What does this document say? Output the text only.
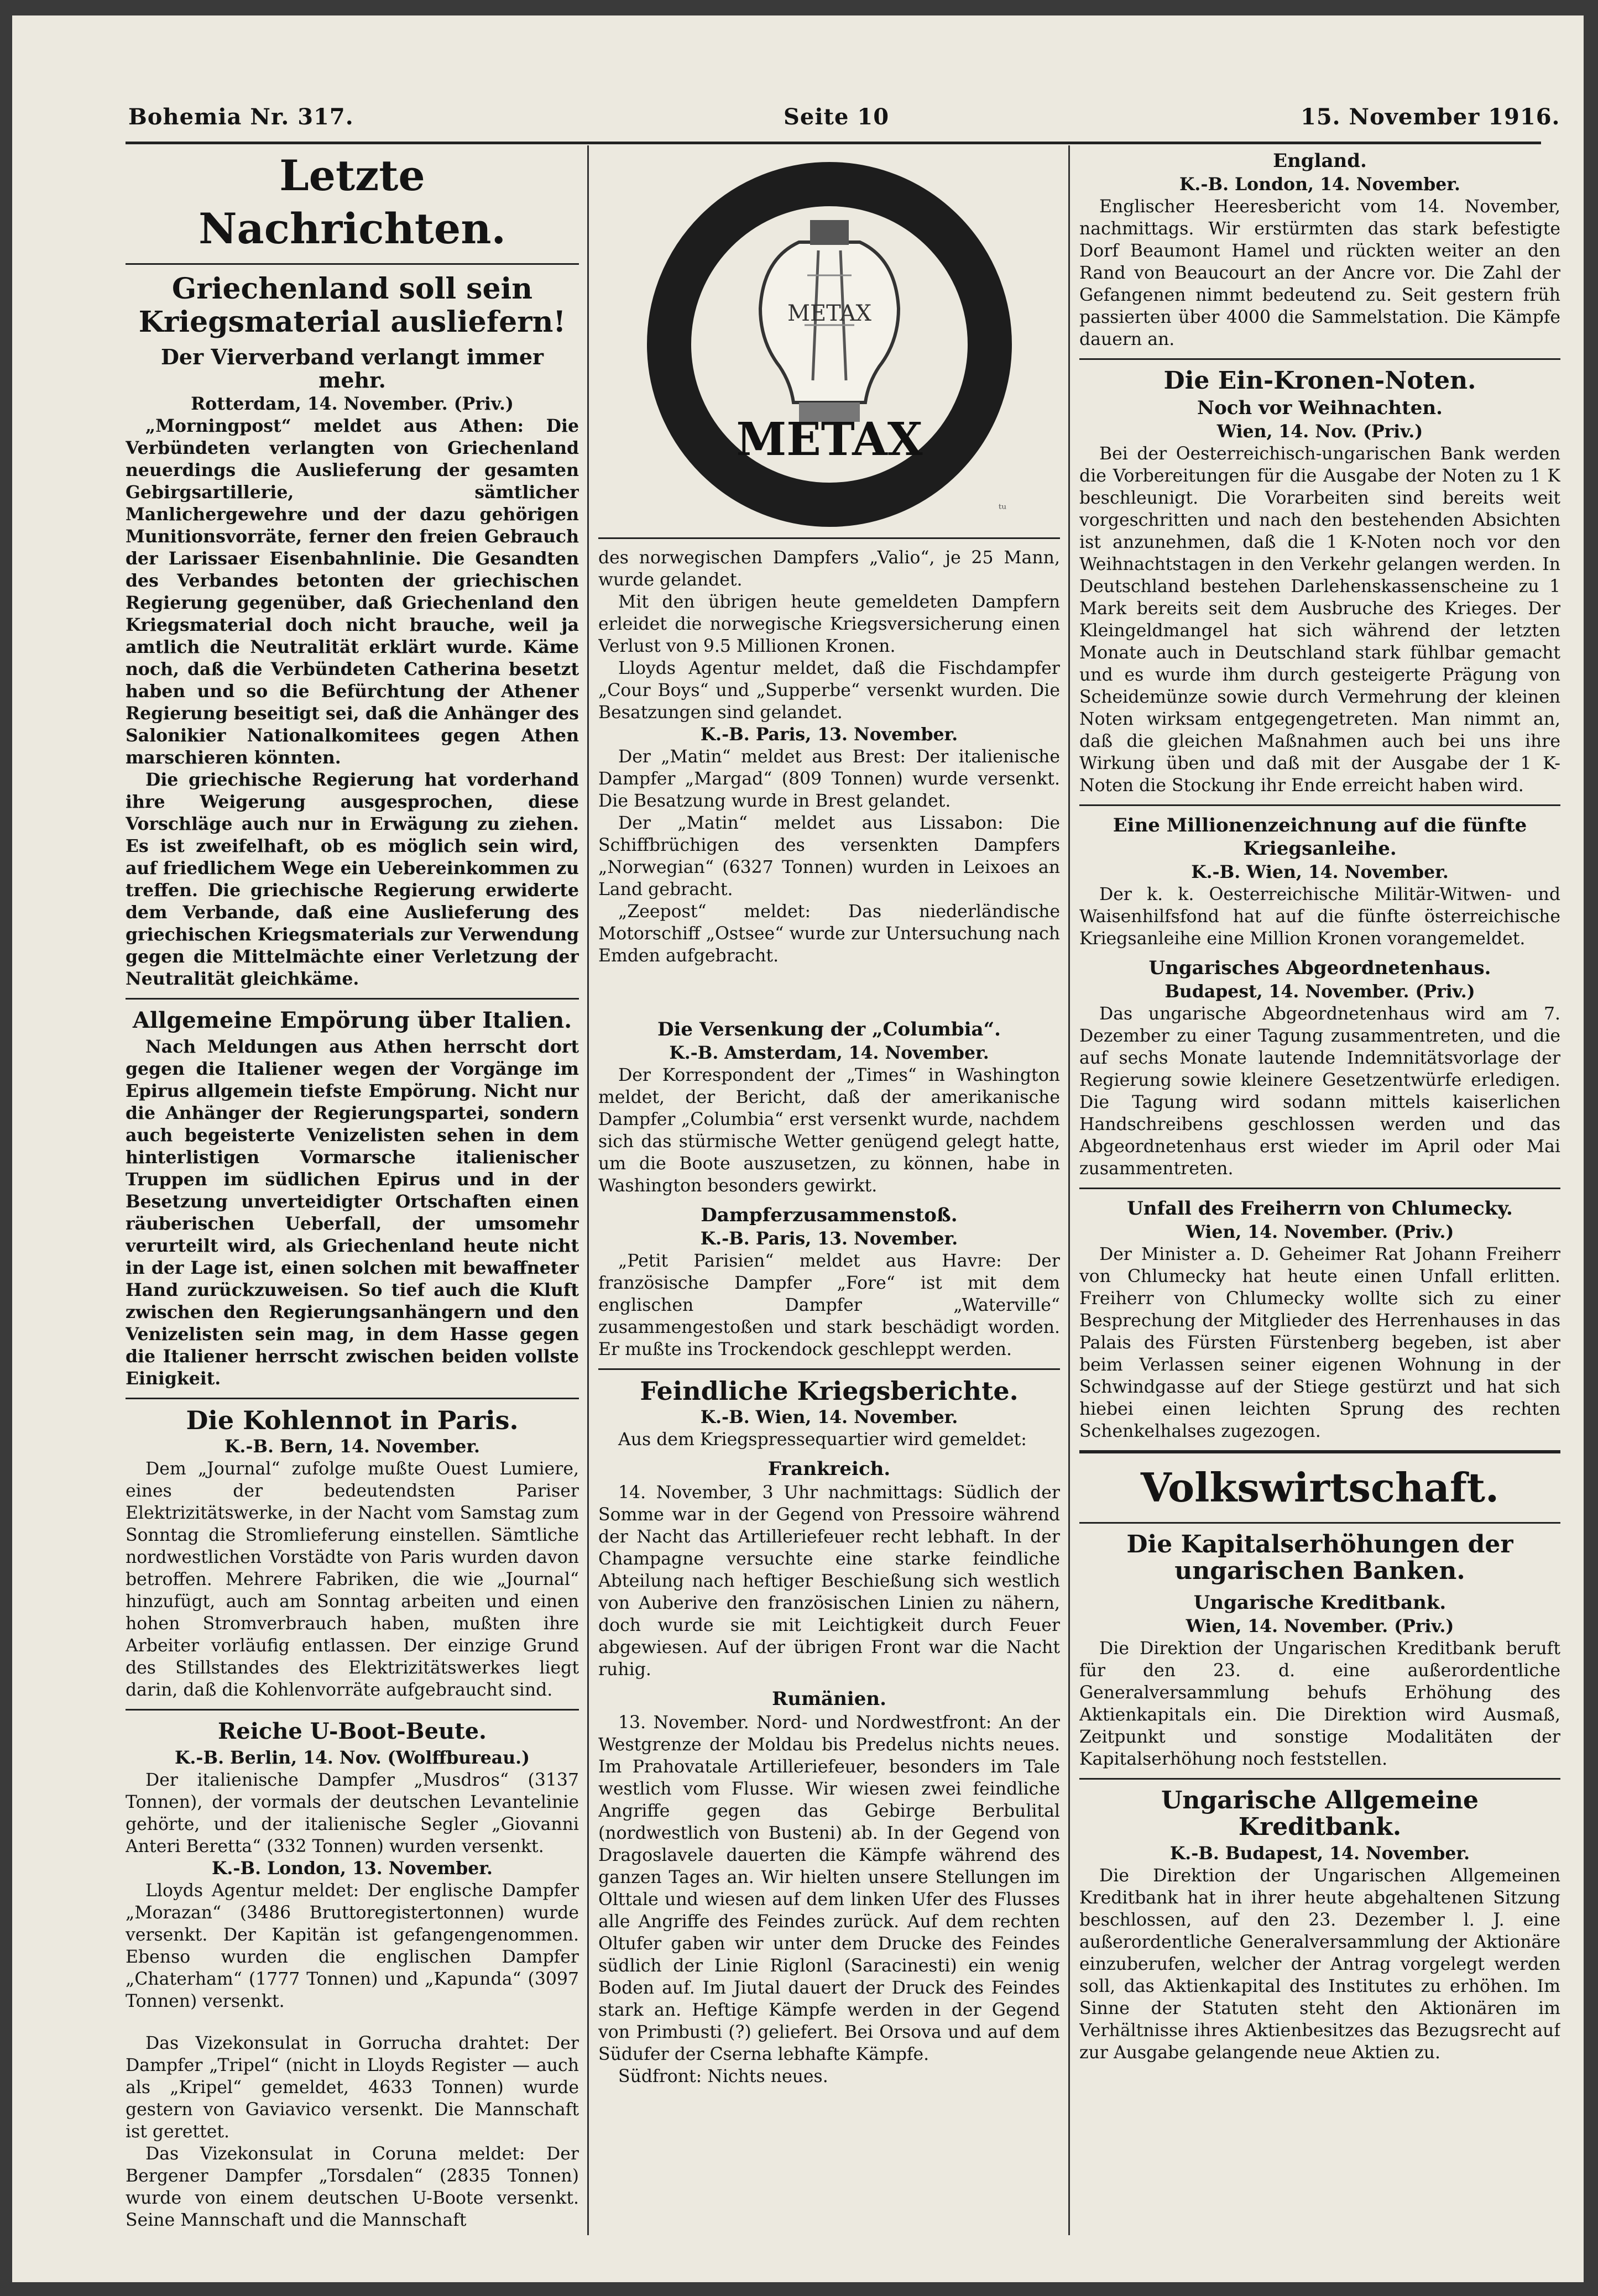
Bohemia Nr. 317.	Seite 10	15. November 1916.
Letzte Nachrichten.
Griechenland soll sein Kriegsmaterial ausliefern!
Der Vierverband verlangt immer mehr.

Rotterdam, 14. November. (Priv.)

„Morningpost“ meldet aus Athen: Die Verbündeten verlangten von Griechenland neuerdings die Auslieferung der gesamten Gebirgsartillerie, sämtlicher Manlichergewehre und der dazu gehörigen Munitionsvorräte, ferner den freien Gebrauch der Larissaer Eisenbahnlinie. Die Gesandten des Verbandes betonten der griechischen Regierung gegenüber, daß Griechenland den Kriegsmaterial doch nicht brauche, weil ja amtlich die Neutralität erklärt wurde. Käme noch, daß die Verbündeten Catherina besetzt haben und so die Befürchtung der Athener Regierung beseitigt sei, daß die Anhänger des Salonikier Nationalkomitees gegen Athen marschieren könnten.

Die griechische Regierung hat vorderhand ihre Weigerung ausgesprochen, diese Vorschläge auch nur in Erwägung zu ziehen. Es ist zweifelhaft, ob es möglich sein wird, auf friedlichem Wege ein Uebereinkommen zu treffen. Die griechische Regierung erwiderte dem Verbande, daß eine Auslieferung des griechischen Kriegsmaterials zur Verwendung gegen die Mittelmächte einer Verletzung der Neutralität gleichkäme.

Allgemeine Empörung über Italien.

Nach Meldungen aus Athen herrscht dort gegen die Italiener wegen der Vorgänge im Epirus allgemein tiefste Empörung. Nicht nur die Anhänger der Regierungspartei, sondern auch begeisterte Venizelisten sehen in dem hinterlistigen Vormarsche italienischer Truppen im südlichen Epirus und in der Besetzung unverteidigter Ortschaften einen räuberischen Ueberfall, der umsomehr verurteilt wird, als Griechenland heute nicht in der Lage ist, einen solchen mit bewaffneter Hand zurückzuweisen. So tief auch die Kluft zwischen den Regierungsanhängern und den Venizelisten sein mag, in dem Hasse gegen die Italiener herrscht zwischen beiden vollste Einigkeit.

Die Kohlennot in Paris.

K.-B. Bern, 14. November.

Dem „Journal“ zufolge mußte Ouest Lumiere, eines der bedeutendsten Pariser Elektrizitätswerke, in der Nacht vom Samstag zum Sonntag die Stromlieferung einstellen. Sämtliche nordwestlichen Vorstädte von Paris wurden davon betroffen. Mehrere Fabriken, die wie „Journal“ hinzufügt, auch am Sonntag arbeiten und einen hohen Stromverbrauch haben, mußten ihre Arbeiter vorläufig entlassen. Der einzige Grund des Stillstandes des Elektrizitätswerkes liegt darin, daß die Kohlenvorräte aufgebraucht sind.

Reiche U-Boot-Beute.

K.-B. Berlin, 14. Nov. (Wolffbureau.)

Der italienische Dampfer „Musdros“ (3137 Tonnen), der vormals der deutschen Levantelinie gehörte, und der italienische Segler „Giovanni Anteri Beretta“ (332 Tonnen) wurden versenkt.

K.-B. London, 13. November.

Lloyds Agentur meldet: Der englische Dampfer „Morazan“ (3486 Bruttoregistertonnen) wurde versenkt. Der Kapitän ist gefangengenommen. Ebenso wurden die englischen Dampfer „Chaterham“ (1777 Tonnen) und „Kapunda“ (3097 Tonnen) versenkt.

Das Vizekonsulat in Gorrucha drahtet: Der Dampfer „Tripel“ (nicht in Lloyds Register — auch als „Kripel“ gemeldet, 4633 Tonnen) wurde gestern von Gaviavico versenkt. Die Mannschaft ist gerettet.

Das Vizekonsulat in Coruna meldet: Der Bergener Dampfer „Torsdalen“ (2835 Tonnen) wurde von einem deutschen U-Boote versenkt. Seine Mannschaft und die Mannschaft

METAX
METAX
ᵗᵘ

des norwegischen Dampfers „Valio“, je 25 Mann, wurde gelandet.

Mit den übrigen heute gemeldeten Dampfern erleidet die norwegische Kriegsversicherung einen Verlust von 9.5 Millionen Kronen.

Lloyds Agentur meldet, daß die Fischdampfer „Cour Boys“ und „Supperbe“ versenkt wurden. Die Besatzungen sind gelandet.

K.-B. Paris, 13. November.

Der „Matin“ meldet aus Brest: Der italienische Dampfer „Margad“ (809 Tonnen) wurde versenkt. Die Besatzung wurde in Brest gelandet.

Der „Matin“ meldet aus Lissabon: Die Schiffbrüchigen des versenkten Dampfers „Norwegian“ (6327 Tonnen) wurden in Leixoes an Land gebracht.

„Zeepost“ meldet: Das niederländische Motorschiff „Ostsee“ wurde zur Untersuchung nach Emden aufgebracht.

Die Versenkung der „Columbia“.

K.-B. Amsterdam, 14. November.

Der Korrespondent der „Times“ in Washington meldet, der Bericht, daß der amerikanische Dampfer „Columbia“ erst versenkt wurde, nachdem sich das stürmische Wetter genügend gelegt hatte, um die Boote auszusetzen, zu können, habe in Washington besonders gewirkt.

Dampferzusammenstoß.

K.-B. Paris, 13. November.

„Petit Parisien“ meldet aus Havre: Der französische Dampfer „Fore“ ist mit dem englischen Dampfer „Waterville“ zusammengestoßen und stark beschädigt worden. Er mußte ins Trockendock geschleppt werden.

Feindliche Kriegsberichte.

K.-B. Wien, 14. November.

Aus dem Kriegspressequartier wird gemeldet:

Frankreich.

14. November, 3 Uhr nachmittags: Südlich der Somme war in der Gegend von Pressoire während der Nacht das Artilleriefeuer recht lebhaft. In der Champagne versuchte eine starke feindliche Abteilung nach heftiger Beschießung sich westlich von Auberive den französischen Linien zu nähern, doch wurde sie mit Leichtigkeit durch Feuer abgewiesen. Auf der übrigen Front war die Nacht ruhig.

Rumänien.

13. November. Nord- und Nordwestfront: An der Westgrenze der Moldau bis Predelus nichts neues. Im Prahovatale Artilleriefeuer, besonders im Tale westlich vom Flusse. Wir wiesen zwei feindliche Angriffe gegen das Gebirge Berbulital (nordwestlich von Busteni) ab. In der Gegend von Dragoslavele dauerten die Kämpfe während des ganzen Tages an. Wir hielten unsere Stellungen im Olttale und wiesen auf dem linken Ufer des Flusses alle Angriffe des Feindes zurück. Auf dem rechten Oltufer gaben wir unter dem Drucke des Feindes südlich der Linie Riglonl (Saracinesti) ein wenig Boden auf. Im Jiutal dauert der Druck des Feindes stark an. Heftige Kämpfe werden in der Gegend von Primbusti (?) geliefert. Bei Orsova und auf dem Südufer der Cserna lebhafte Kämpfe.

Südfront: Nichts neues.

England.

K.-B. London, 14. November.

Englischer Heeresbericht vom 14. November, nachmittags. Wir erstürmten das stark befestigte Dorf Beaumont Hamel und rückten weiter an den Rand von Beaucourt an der Ancre vor. Die Zahl der Gefangenen nimmt bedeutend zu. Seit gestern früh passierten über 4000 die Sammelstation. Die Kämpfe dauern an.

Die Ein-Kronen-Noten.
Noch vor Weihnachten.

Wien, 14. Nov. (Priv.)

Bei der Oesterreichisch-ungarischen Bank werden die Vorbereitungen für die Ausgabe der Noten zu 1 K beschleunigt. Die Vorarbeiten sind bereits weit vorgeschritten und nach den bestehenden Absichten ist anzunehmen, daß die 1 K-Noten noch vor den Weihnachtstagen in den Verkehr gelangen werden. In Deutschland bestehen Darlehenskassenscheine zu 1 Mark bereits seit dem Ausbruche des Krieges. Der Kleingeldmangel hat sich während der letzten Monate auch in Deutschland stark fühlbar gemacht und es wurde ihm durch gesteigerte Prägung von Scheidemünze sowie durch Vermehrung der kleinen Noten wirksam entgegengetreten. Man nimmt an, daß die gleichen Maßnahmen auch bei uns ihre Wirkung üben und daß mit der Ausgabe der 1 K-Noten die Stockung ihr Ende erreicht haben wird.

Eine Millionenzeichnung auf die fünfte Kriegsanleihe.

K.-B. Wien, 14. November.

Der k. k. Oesterreichische Militär-Witwen- und Waisenhilfsfond hat auf die fünfte österreichische Kriegsanleihe eine Million Kronen vorangemeldet.

Ungarisches Abgeordnetenhaus.

Budapest, 14. November. (Priv.)

Das ungarische Abgeordnetenhaus wird am 7. Dezember zu einer Tagung zusammentreten, und die auf sechs Monate lautende Indemnitätsvorlage der Regierung sowie kleinere Gesetzentwürfe erledigen. Die Tagung wird sodann mittels kaiserlichen Handschreibens geschlossen werden und das Abgeordnetenhaus erst wieder im April oder Mai zusammentreten.

Unfall des Freiherrn von Chlumecky.

Wien, 14. November. (Priv.)

Der Minister a. D. Geheimer Rat Johann Freiherr von Chlumecky hat heute einen Unfall erlitten. Freiherr von Chlumecky wollte sich zu einer Besprechung der Mitglieder des Herrenhauses in das Palais des Fürsten Fürstenberg begeben, ist aber beim Verlassen seiner eigenen Wohnung in der Schwindgasse auf der Stiege gestürzt und hat sich hiebei einen leichten Sprung des rechten Schenkelhalses zugezogen.

Volkswirtschaft.
Die Kapitalserhöhungen der ungarischen Banken.
Ungarische Kreditbank.

Wien, 14. November. (Priv.)

Die Direktion der Ungarischen Kreditbank beruft für den 23. d. eine außerordentliche Generalversammlung behufs Erhöhung des Aktienkapitals ein. Die Direktion wird Ausmaß, Zeitpunkt und sonstige Modalitäten der Kapitalserhöhung noch feststellen.

Ungarische Allgemeine Kreditbank.

K.-B. Budapest, 14. November.

Die Direktion der Ungarischen Allgemeinen Kreditbank hat in ihrer heute abgehaltenen Sitzung beschlossen, auf den 23. Dezember l. J. eine außerordentliche Generalversammlung der Aktionäre einzuberufen, welcher der Antrag vorgelegt werden soll, das Aktienkapital des Institutes zu erhöhen. Im Sinne der Statuten steht den Aktionären im Verhältnisse ihres Aktienbesitzes das Bezugsrecht auf zur Ausgabe gelangende neue Aktien zu.
